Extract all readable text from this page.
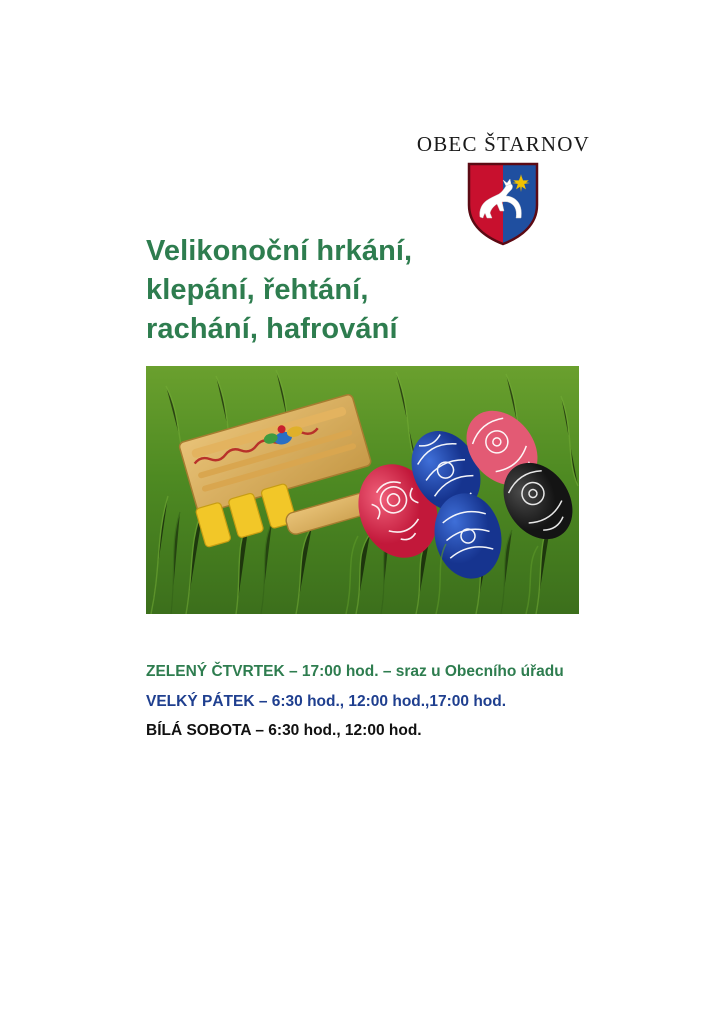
OBEC ŠTARNOV
Velikonoční hrkání,
klepání, řehtání,
rachání, hafrování
ZELENÝ ČTVRTEK – 17:00 hod. – sraz u Obecního úřadu
VELKÝ PÁTEK – 6:30 hod., 12:00 hod.,17:00 hod.
BÍLÁ SOBOTA – 6:30 hod., 12:00 hod.
